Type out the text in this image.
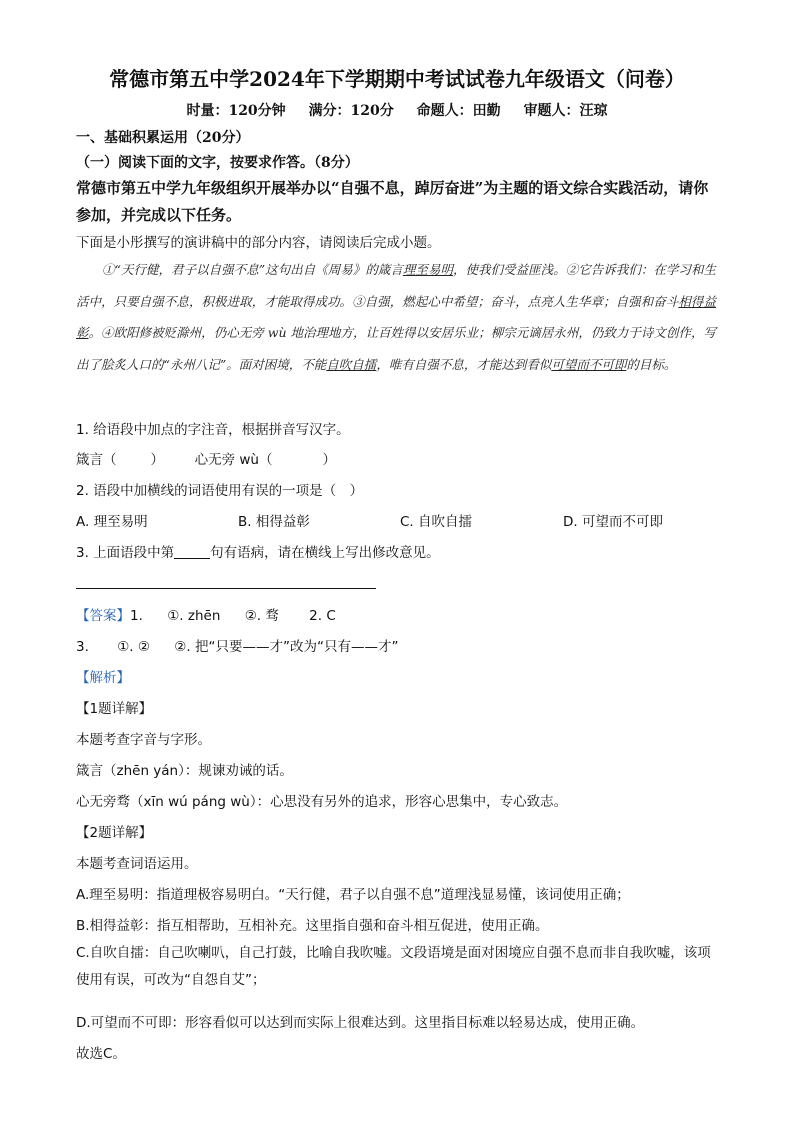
常德市第五中学2024年下学期期中考试试卷九年级语文（问卷）
时量：120分钟 满分：120分 命题人：田勤 审题人：汪琼
一、基础积累运用（20分）
（一）阅读下面的文字，按要求作答。（8分）
常德市第五中学九年级组织开展举办以“自强不息，踔厉奋进”为主题的语文综合实践活动，请你参加，并完成以下任务。
下面是小彤撰写的演讲稿中的部分内容，请阅读后完成小题。
①“天行健，君子以自强不息”这句出自《周易》的箴言理至易明，使我们受益匪浅。②它告诉我们：在学习和生活中，只要自强不息，积极进取，才能取得成功。③自强，燃起心中希望；奋斗，点亮人生华章；自强和奋斗相得益彰。④欧阳修被贬滁州，仍心无旁 wù 地治理地方，让百姓得以安居乐业；柳宗元谪居永州，仍致力于诗文创作，写出了脍炙人口的“永州八记”。面对困境，不能自吹自擂，唯有自强不息，才能达到看似可望而不可即的目标。
1. 给语段中加点的字注音，根据拼音写汉字。
箴言（	） 心无旁 wù（	）
2. 语段中加横线的词语使用有误的一项是（　）
A. 理至易明	B. 相得益彰	C. 自吹自擂	D. 可望而不可即
3. 上面语段中第	句有语病，请在横线上写出修改意见。
【答案】1. ①. zhēn ②. 骛 2. C
3. ①. ② ②. 把“只要——才”改为“只有——才”
【解析】
【1题详解】
本题考查字音与字形。
箴言（zhēn yán）：规谏劝诫的话。
心无旁骛（xīn wú páng wù）：心思没有另外的追求，形容心思集中，专心致志。
【2题详解】
本题考查词语运用。
A.理至易明：指道理极容易明白。“天行健，君子以自强不息”道理浅显易懂，该词使用正确；
B.相得益彰：指互相帮助，互相补充。这里指自强和奋斗相互促进，使用正确。
C.自吹自擂：自己吹喇叭，自己打鼓，比喻自我吹嘘。文段语境是面对困境应自强不息而非自我吹嘘，该项使用有误，可改为“自怨自艾”；
D.可望而不可即：形容看似可以达到而实际上很难达到。这里指目标难以轻易达成，使用正确。
故选C。
